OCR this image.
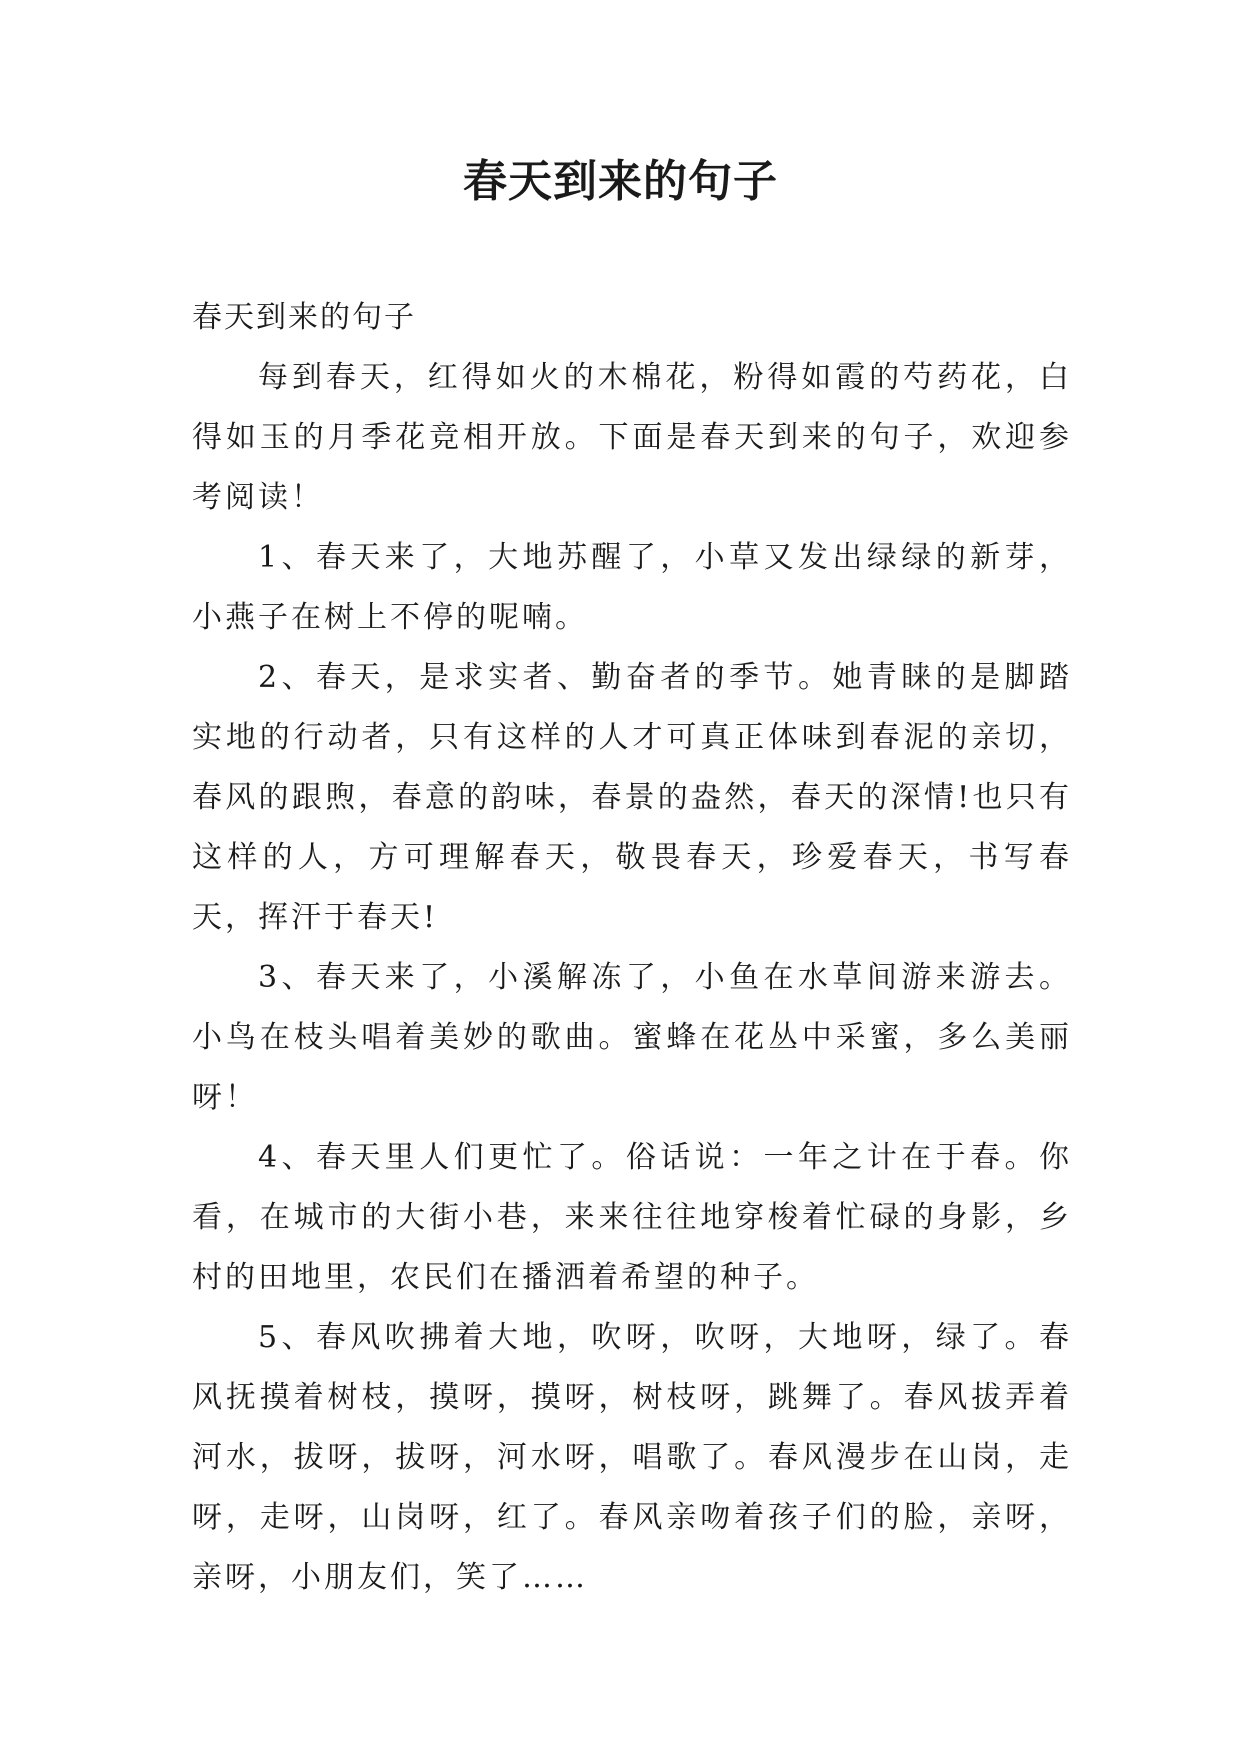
春天到来的句子

春天到来的句子

每到春天，红得如火的木棉花，粉得如霞的芍药花，白得如玉的月季花竞相开放。下面是春天到来的句子，欢迎参考阅读！

1、春天来了，大地苏醒了，小草又发出绿绿的新芽，小燕子在树上不停的呢喃。

2、春天，是求实者、勤奋者的季节。她青睐的是脚踏实地的行动者，只有这样的人才可真正体味到春泥的亲切，春风的跟煦，春意的韵味，春景的盎然，春天的深情!也只有这样的人，方可理解春天，敬畏春天，珍爱春天，书写春天，挥汗于春天!

3、春天来了，小溪解冻了，小鱼在水草间游来游去。小鸟在枝头唱着美妙的歌曲。蜜蜂在花丛中采蜜，多么美丽呀！

4、春天里人们更忙了。俗话说：一年之计在于春。你看，在城市的大街小巷，来来往往地穿梭着忙碌的身影，乡村的田地里，农民们在播洒着希望的种子。

5、春风吹拂着大地，吹呀，吹呀，大地呀，绿了。春风抚摸着树枝，摸呀，摸呀，树枝呀，跳舞了。春风拔弄着河水，拔呀，拔呀，河水呀，唱歌了。春风漫步在山岗，走呀，走呀，山岗呀，红了。春风亲吻着孩子们的脸，亲呀，亲呀，小朋友们，笑了……
